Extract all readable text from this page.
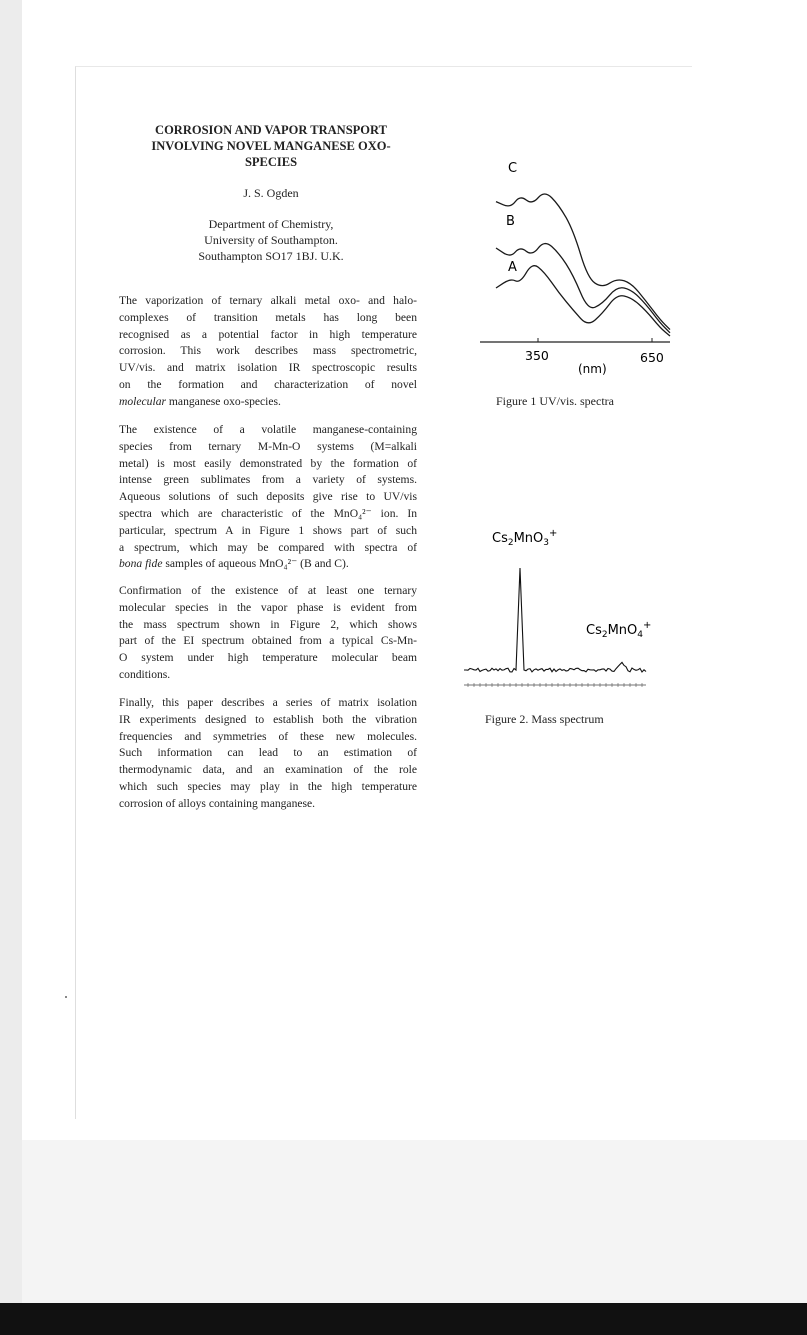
CORROSION AND VAPOR TRANSPORT
INVOLVING NOVEL MANGANESE OXO-
SPECIES
J. S. Ogden
Department of Chemistry,
University of Southampton.
Southampton SO17 1BJ. U.K.
The vaporization of ternary alkali metal oxo- and halo-
complexes of transition metals has long been
recognised as a potential factor in high temperature
corrosion. This work describes mass spectrometric,
UV/vis. and matrix isolation IR spectroscopic results
on the formation and characterization of novel
molecular manganese oxo-species.
The existence of a volatile manganese-containing
species from ternary M-Mn-O systems (M=alkali
metal) is most easily demonstrated by the formation of
intense green sublimates from a variety of systems.
Aqueous solutions of such deposits give rise to UV/vis
spectra which are characteristic of the MnO₄²⁻ ion. In
particular, spectrum A in Figure 1 shows part of such
a spectrum, which may be compared with spectra of
bona fide samples of aqueous MnO₄²⁻ (B and C).
Confirmation of the existence of at least one ternary
molecular species in the vapor phase is evident from
the mass spectrum shown in Figure 2, which shows
part of the EI spectrum obtained from a typical Cs-Mn-
O system under high temperature molecular beam
conditions.
Finally, this paper describes a series of matrix isolation
IR experiments designed to establish both the vibration
frequencies and symmetries of these new molecules.
Such information can lead to an estimation of
thermodynamic data, and an examination of the role
which such species may play in the high temperature
corrosion of alloys containing manganese.
C
B
A
350	650
(nm)
Figure 1 UV/vis. spectra
$Cs_2MnO_3^+$
$Cs_2MnO_4^+$
Figure 2. Mass spectrum
